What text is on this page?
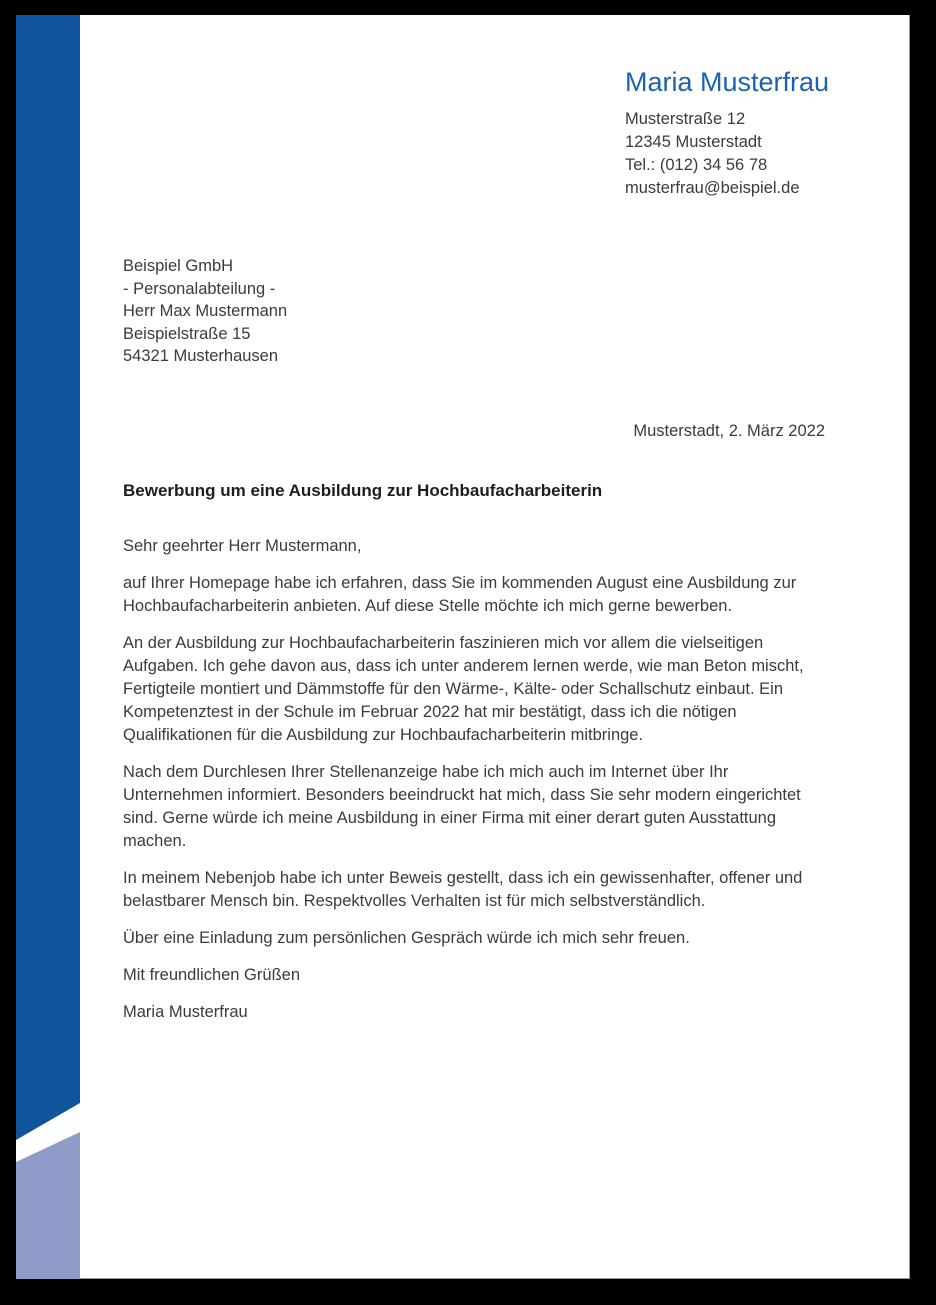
Maria Musterfrau
Musterstraße 12
12345 Musterstadt
Tel.: (012) 34 56 78
musterfrau@beispiel.de
Beispiel GmbH
- Personalabteilung -
Herr Max Mustermann
Beispielstraße 15
54321 Musterhausen
Musterstadt, 2. März 2022
Bewerbung um eine Ausbildung zur Hochbaufacharbeiterin

Sehr geehrter Herr Mustermann,

auf Ihrer Homepage habe ich erfahren, dass Sie im kommenden August eine Ausbildung zur Hochbaufacharbeiterin anbieten. Auf diese Stelle möchte ich mich gerne bewerben.

An der Ausbildung zur Hochbaufacharbeiterin faszinieren mich vor allem die vielseitigen Aufgaben. Ich gehe davon aus, dass ich unter anderem lernen werde, wie man Beton mischt, Fertigteile montiert und Dämmstoffe für den Wärme-, Kälte- oder Schallschutz einbaut. Ein Kompetenztest in der Schule im Februar 2022 hat mir bestätigt, dass ich die nötigen Qualifikationen für die Ausbildung zur Hochbaufacharbeiterin mitbringe.

Nach dem Durchlesen Ihrer Stellenanzeige habe ich mich auch im Internet über Ihr Unternehmen informiert. Besonders beeindruckt hat mich, dass Sie sehr modern eingerichtet sind. Gerne würde ich meine Ausbildung in einer Firma mit einer derart guten Ausstattung machen.

In meinem Nebenjob habe ich unter Beweis gestellt, dass ich ein gewissenhafter, offener und belastbarer Mensch bin. Respektvolles Verhalten ist für mich selbstverständlich.

Über eine Einladung zum persönlichen Gespräch würde ich mich sehr freuen.

Mit freundlichen Grüßen

Maria Musterfrau
